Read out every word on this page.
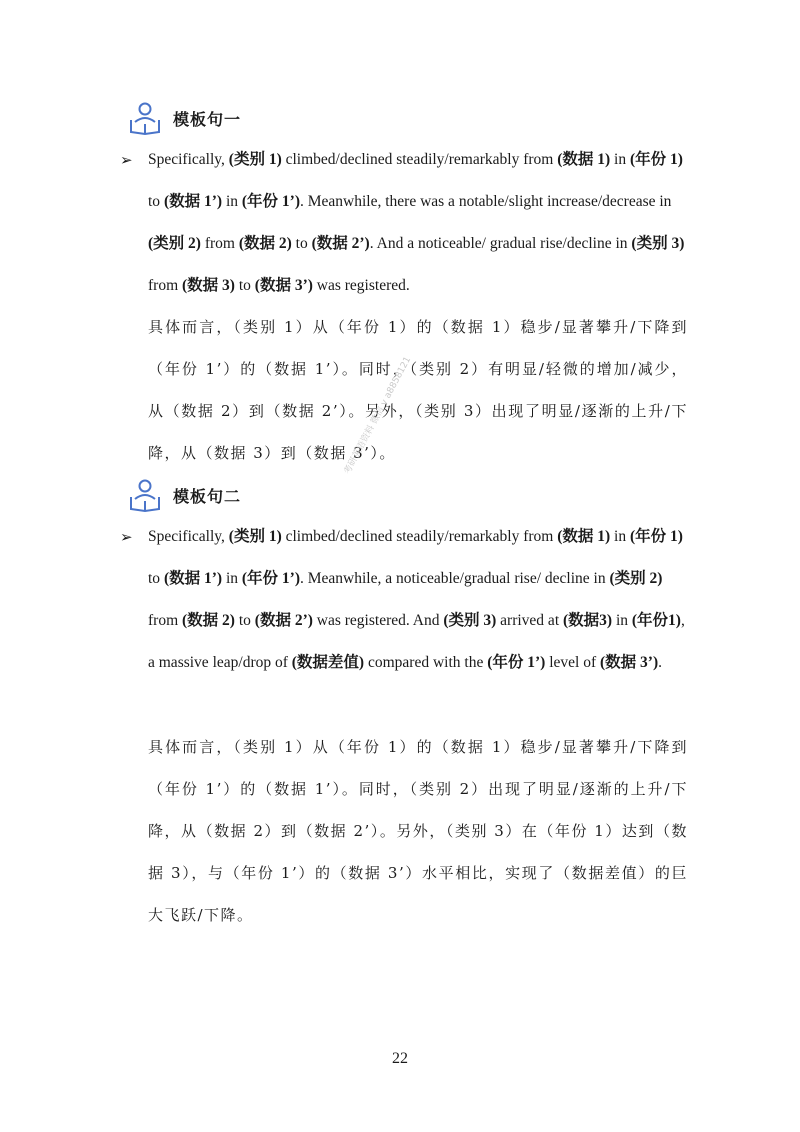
模板句一
➢ Specifically, (类别 1) climbed/declined steadily/remarkably from (数据 1) in (年份 1) to (数据 1’) in (年份 1’). Meanwhile, there was a notable/slight increase/decrease in (类别 2) from (数据 2) to (数据 2’). And a noticeable/ gradual rise/decline in (类别 3) from (数据 3) to (数据 3’) was registered.
具体而言，（类别 1）从（年份 1）的（数据 1）稳步/显著攀升/下降到（年份 1’）的（数据 1’）。同时，（类别 2）有明显/轻微的增加/减少，从（数据 2）到（数据 2’）。另外，（类别 3）出现了明显/逐渐的上升/下降，从（数据 3）到（数据 3’）。
模板句二
➢ Specifically, (类别 1) climbed/declined steadily/remarkably from (数据 1) in (年份 1) to (数据 1’) in (年份 1’). Meanwhile, a noticeable/gradual rise/ decline in (类别 2) from (数据 2) to (数据 2’) was registered. And (类别 3) arrived at (数据3) in (年份1), a massive leap/drop of (数据差值) compared with the (年份 1’) level of (数据 3’).
具体而言，（类别 1）从（年份 1）的（数据 1）稳步/显著攀升/下降到（年份 1’）的（数据 1’）。同时，（类别 2）出现了明显/逐渐的上升/下降，从（数据 2）到（数据 2’）。另外，（类别 3）在（年份 1）达到（数据 3），与（年份 1’）的（数据 3’）水平相比，实现了（数据差值）的巨大飞跃/下降。
考研英语资料 微信 v a8858121
22
